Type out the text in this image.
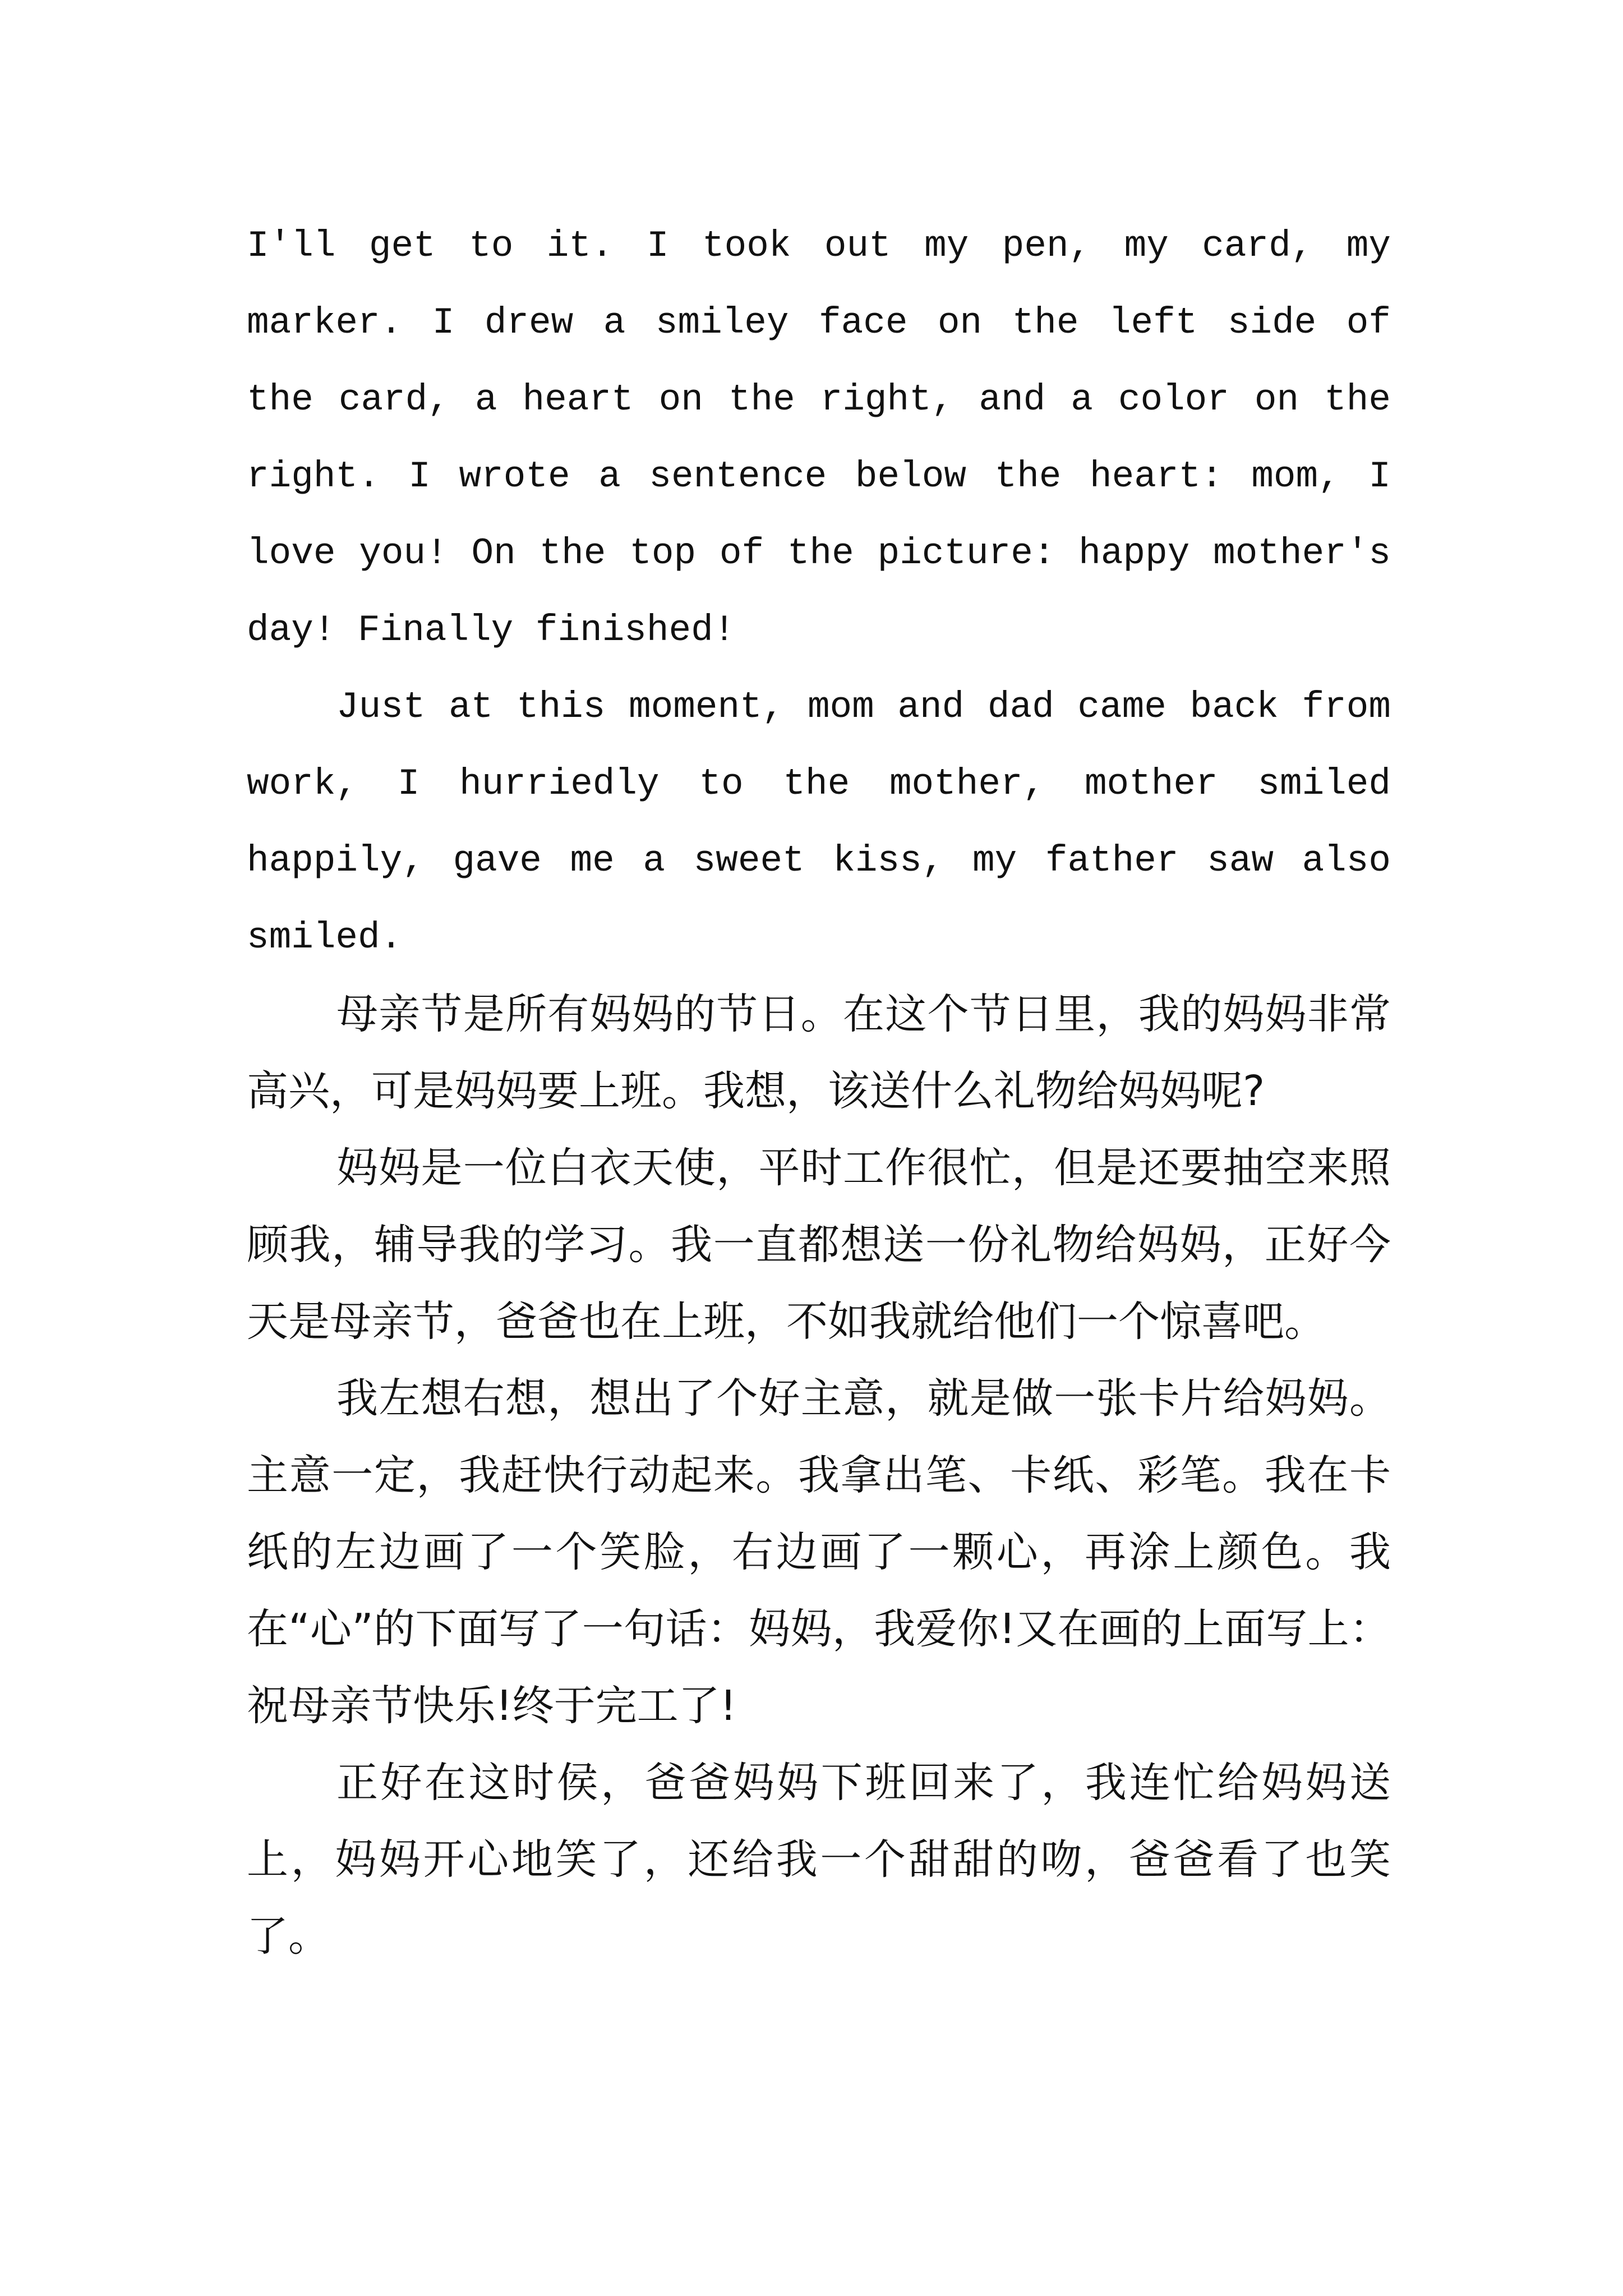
I'll get to it. I took out my pen, my card, my marker. I drew a smiley face on the left side of the card, a heart on the right, and a color on the right. I wrote a sentence below the heart: mom, I love you! On the top of the picture: happy mother's day! Finally finished!

Just at this moment, mom and dad came back from work, I hurriedly to the mother, mother smiled happily, gave me a sweet kiss, my father saw also smiled.

母亲节是所有妈妈的节日。在这个节日里，我的妈妈非常高兴，可是妈妈要上班。我想，该送什么礼物给妈妈呢?

妈妈是一位白衣天使，平时工作很忙，但是还要抽空来照顾我，辅导我的学习。我一直都想送一份礼物给妈妈，正好今天是母亲节，爸爸也在上班，不如我就给他们一个惊喜吧。

我左想右想，想出了个好主意，就是做一张卡片给妈妈。主意一定，我赶快行动起来。我拿出笔、卡纸、彩笔。我在卡纸的左边画了一个笑脸，右边画了一颗心，再涂上颜色。我在“心”的下面写了一句话：妈妈，我爱你!又在画的上面写上：祝母亲节快乐!终于完工了!

正好在这时侯，爸爸妈妈下班回来了，我连忙给妈妈送上，妈妈开心地笑了，还给我一个甜甜的吻，爸爸看了也笑了。
